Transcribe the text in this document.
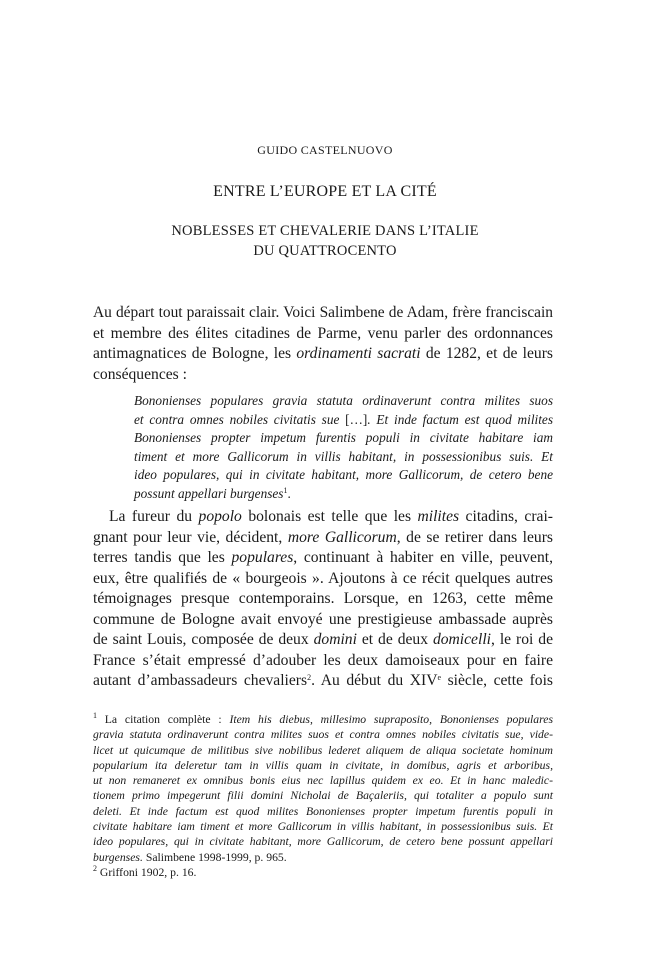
GUIDO CASTELNUOVO
ENTRE L’EUROPE ET LA CITÉ
NOBLESSES ET CHEVALERIE DANS L’ITALIE
DU QUATTROCENTO
Au départ tout paraissait clair. Voici Salimbene de Adam, frère franciscain
et membre des élites citadines de Parme, venu parler des ordonnances
antimagnatices de Bologne, les ordinamenti sacrati de 1282, et de leurs
conséquences :
Bononienses populares gravia statuta ordinaverunt contra milites suos
et contra omnes nobiles civitatis sue […]. Et inde factum est quod milites
Bononienses propter impetum furentis populi in civitate habitare iam
timent et more Gallicorum in villis habitant, in possessionibus suis. Et
ideo populares, qui in civitate habitant, more Gallicorum, de cetero bene
possunt appellari burgenses$^1$.
La fureur du popolo bolonais est telle que les milites citadins, crai-
gnant pour leur vie, décident, more Gallicorum, de se retirer dans leurs
terres tandis que les populares, continuant à habiter en ville, peuvent,
eux, être qualifiés de « bourgeois ». Ajoutons à ce récit quelques autres
témoignages presque contemporains. Lorsque, en 1263, cette même
commune de Bologne avait envoyé une prestigieuse ambassade auprès
de saint Louis, composée de deux domini et de deux domicelli, le roi de
France s’était empressé d’adouber les deux damoiseaux pour en faire
autant d’ambassadeurs chevaliers$^2$. Au début du XIVe siècle, cette fois
$^1$ La citation complète : Item his diebus, millesimo supraposito, Bononienses populares
gravia statuta ordinaverunt contra milites suos et contra omnes nobiles civitatis sue, vide-
licet ut quicumque de militibus sive nobilibus lederet aliquem de aliqua societate hominum
popularium ita deleretur tam in villis quam in civitate, in domibus, agris et arboribus,
ut non remaneret ex omnibus bonis eius nec lapillus quidem ex eo. Et in hanc maledic-
tionem primo impegerunt filii domini Nicholai de Baçaleriis, qui totaliter a populo sunt
deleti. Et inde factum est quod milites Bononienses propter impetum furentis populi in
civitate habitare iam timent et more Gallicorum in villis habitant, in possessionibus suis. Et
ideo populares, qui in civitate habitant, more Gallicorum, de cetero bene possunt appellari
burgenses. Salimbene 1998-1999, p. 965.
$^2$ Griffoni 1902, p. 16.
